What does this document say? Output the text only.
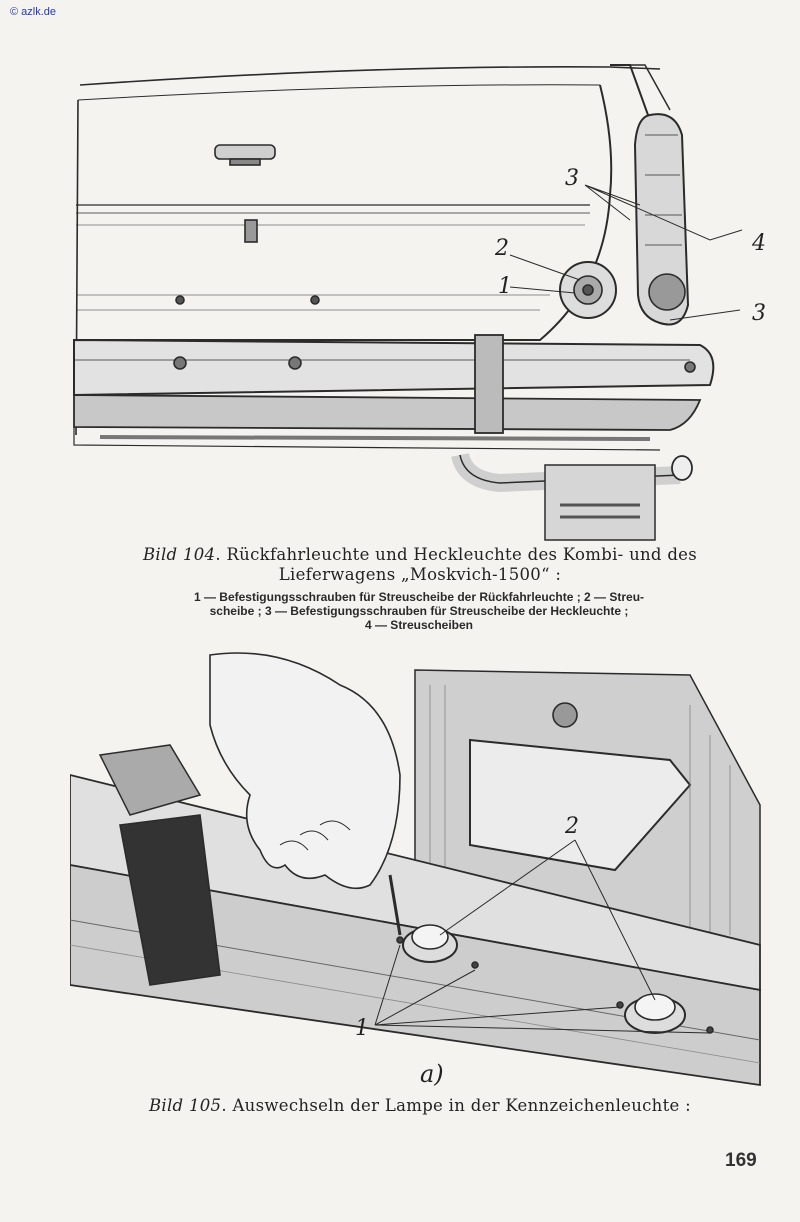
© azlk.de
3
2
1
4
3
Bild 104. Rückfahrleuchte und Heckleuchte des Kombi- und des
Lieferwagens „Moskvich-1500“ :
1 — Befestigungsschrauben für Streuscheibe der Rückfahrleuchte ; 2 — Streu-
scheibe ; 3 — Befestigungsschrauben für Streuscheibe der Heckleuchte ;
4 — Streuscheiben
2
1
a)
Bild 105. Auswechseln der Lampe in der Kennzeichenleuchte :
169
